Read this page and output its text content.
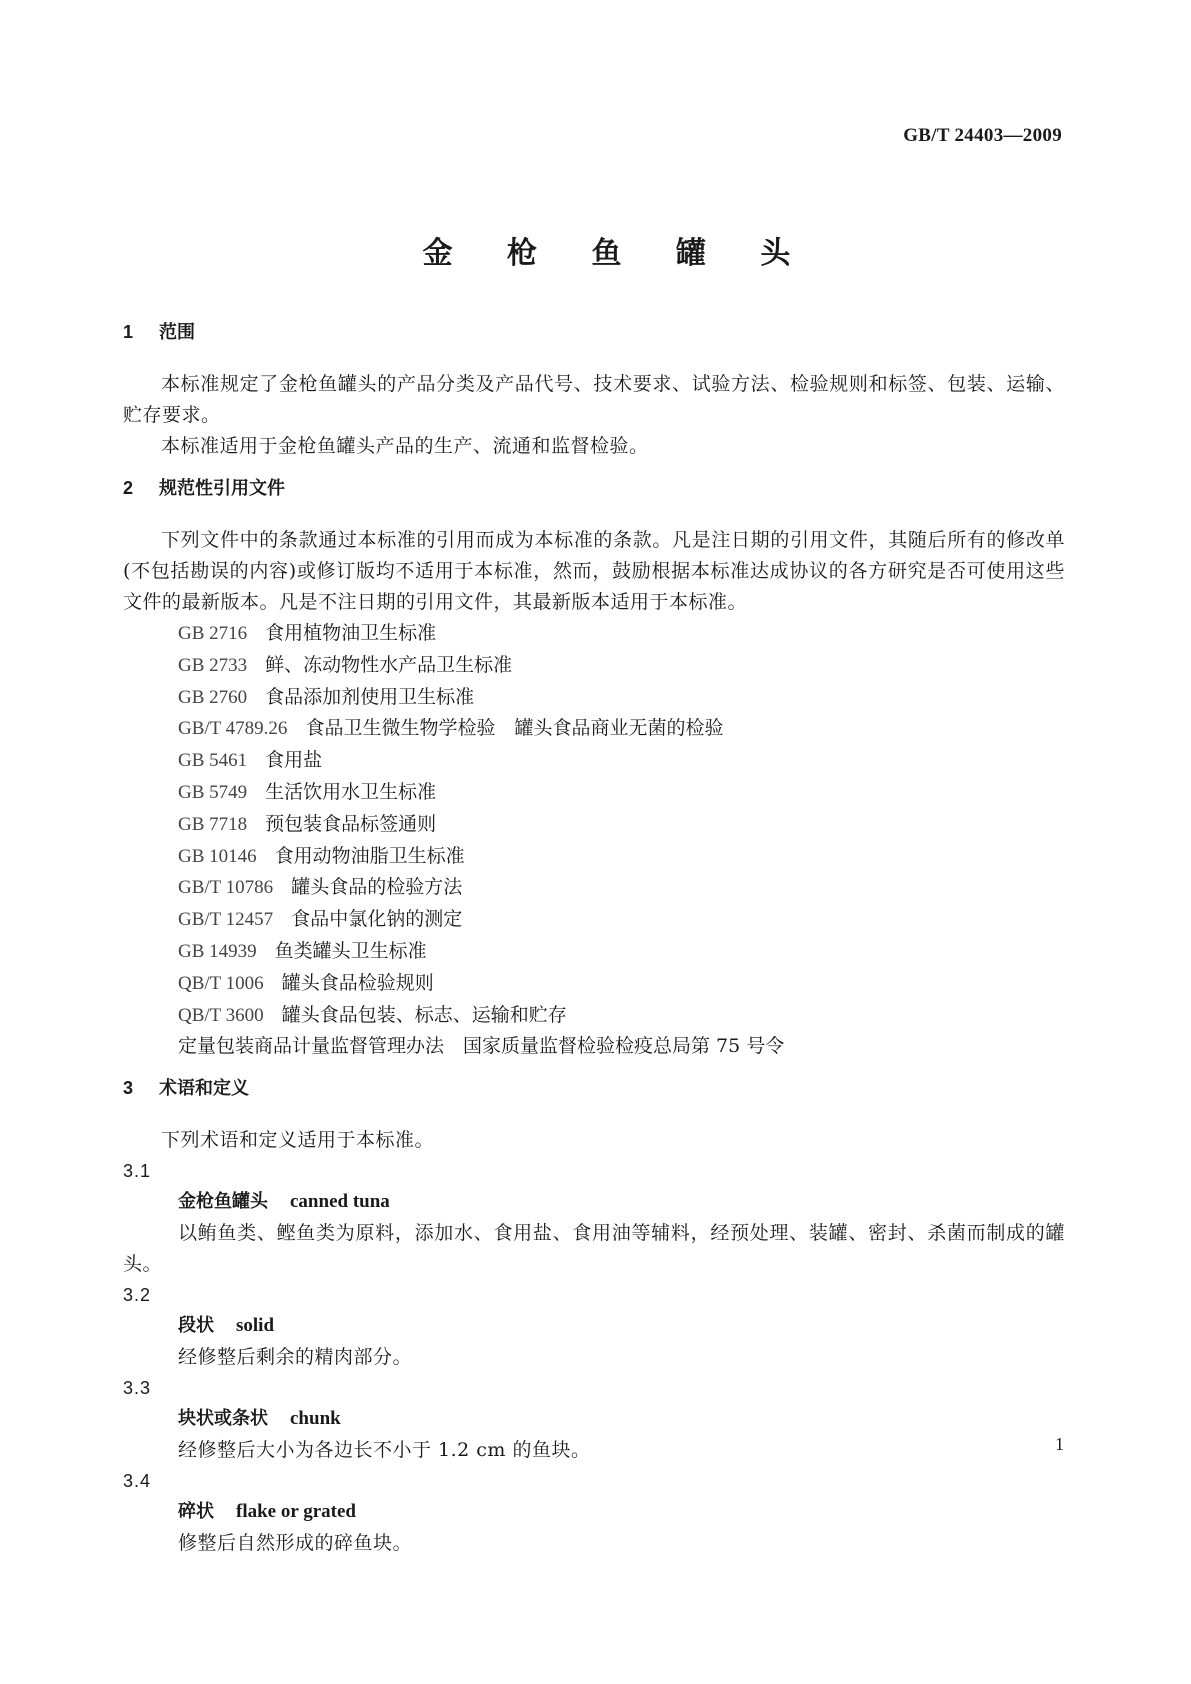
GB/T 24403—2009
金 枪 鱼 罐 头
1 范围

本标准规定了金枪鱼罐头的产品分类及产品代号、技术要求、试验方法、检验规则和标签、包装、运输、贮存要求。

本标准适用于金枪鱼罐头产品的生产、流通和监督检验。

2 规范性引用文件

下列文件中的条款通过本标准的引用而成为本标准的条款。凡是注日期的引用文件，其随后所有的修改单(不包括勘误的内容)或修订版均不适用于本标准，然而，鼓励根据本标准达成协议的各方研究是否可使用这些文件的最新版本。凡是不注日期的引用文件，其最新版本适用于本标准。

GB 2716 食用植物油卫生标准

GB 2733 鲜、冻动物性水产品卫生标准

GB 2760 食品添加剂使用卫生标准

GB/T 4789.26 食品卫生微生物学检验　罐头食品商业无菌的检验

GB 5461 食用盐

GB 5749 生活饮用水卫生标准

GB 7718 预包装食品标签通则

GB 10146 食用动物油脂卫生标准

GB/T 10786 罐头食品的检验方法

GB/T 12457 食品中氯化钠的测定

GB 14939 鱼类罐头卫生标准

QB/T 1006 罐头食品检验规则

QB/T 3600 罐头食品包装、标志、运输和贮存

定量包装商品计量监督管理办法　国家质量监督检验检疫总局第 75 号令

3 术语和定义

下列术语和定义适用于本标准。

3.1

金枪鱼罐头 canned tuna

以鲔鱼类、鲣鱼类为原料，添加水、食用盐、食用油等辅料，经预处理、装罐、密封、杀菌而制成的罐头。

3.2

段状 solid

经修整后剩余的精肉部分。

3.3

块状或条状 chunk

经修整后大小为各边长不小于 1.2 cm 的鱼块。

3.4

碎状 flake or grated

修整后自然形成的碎鱼块。

1
